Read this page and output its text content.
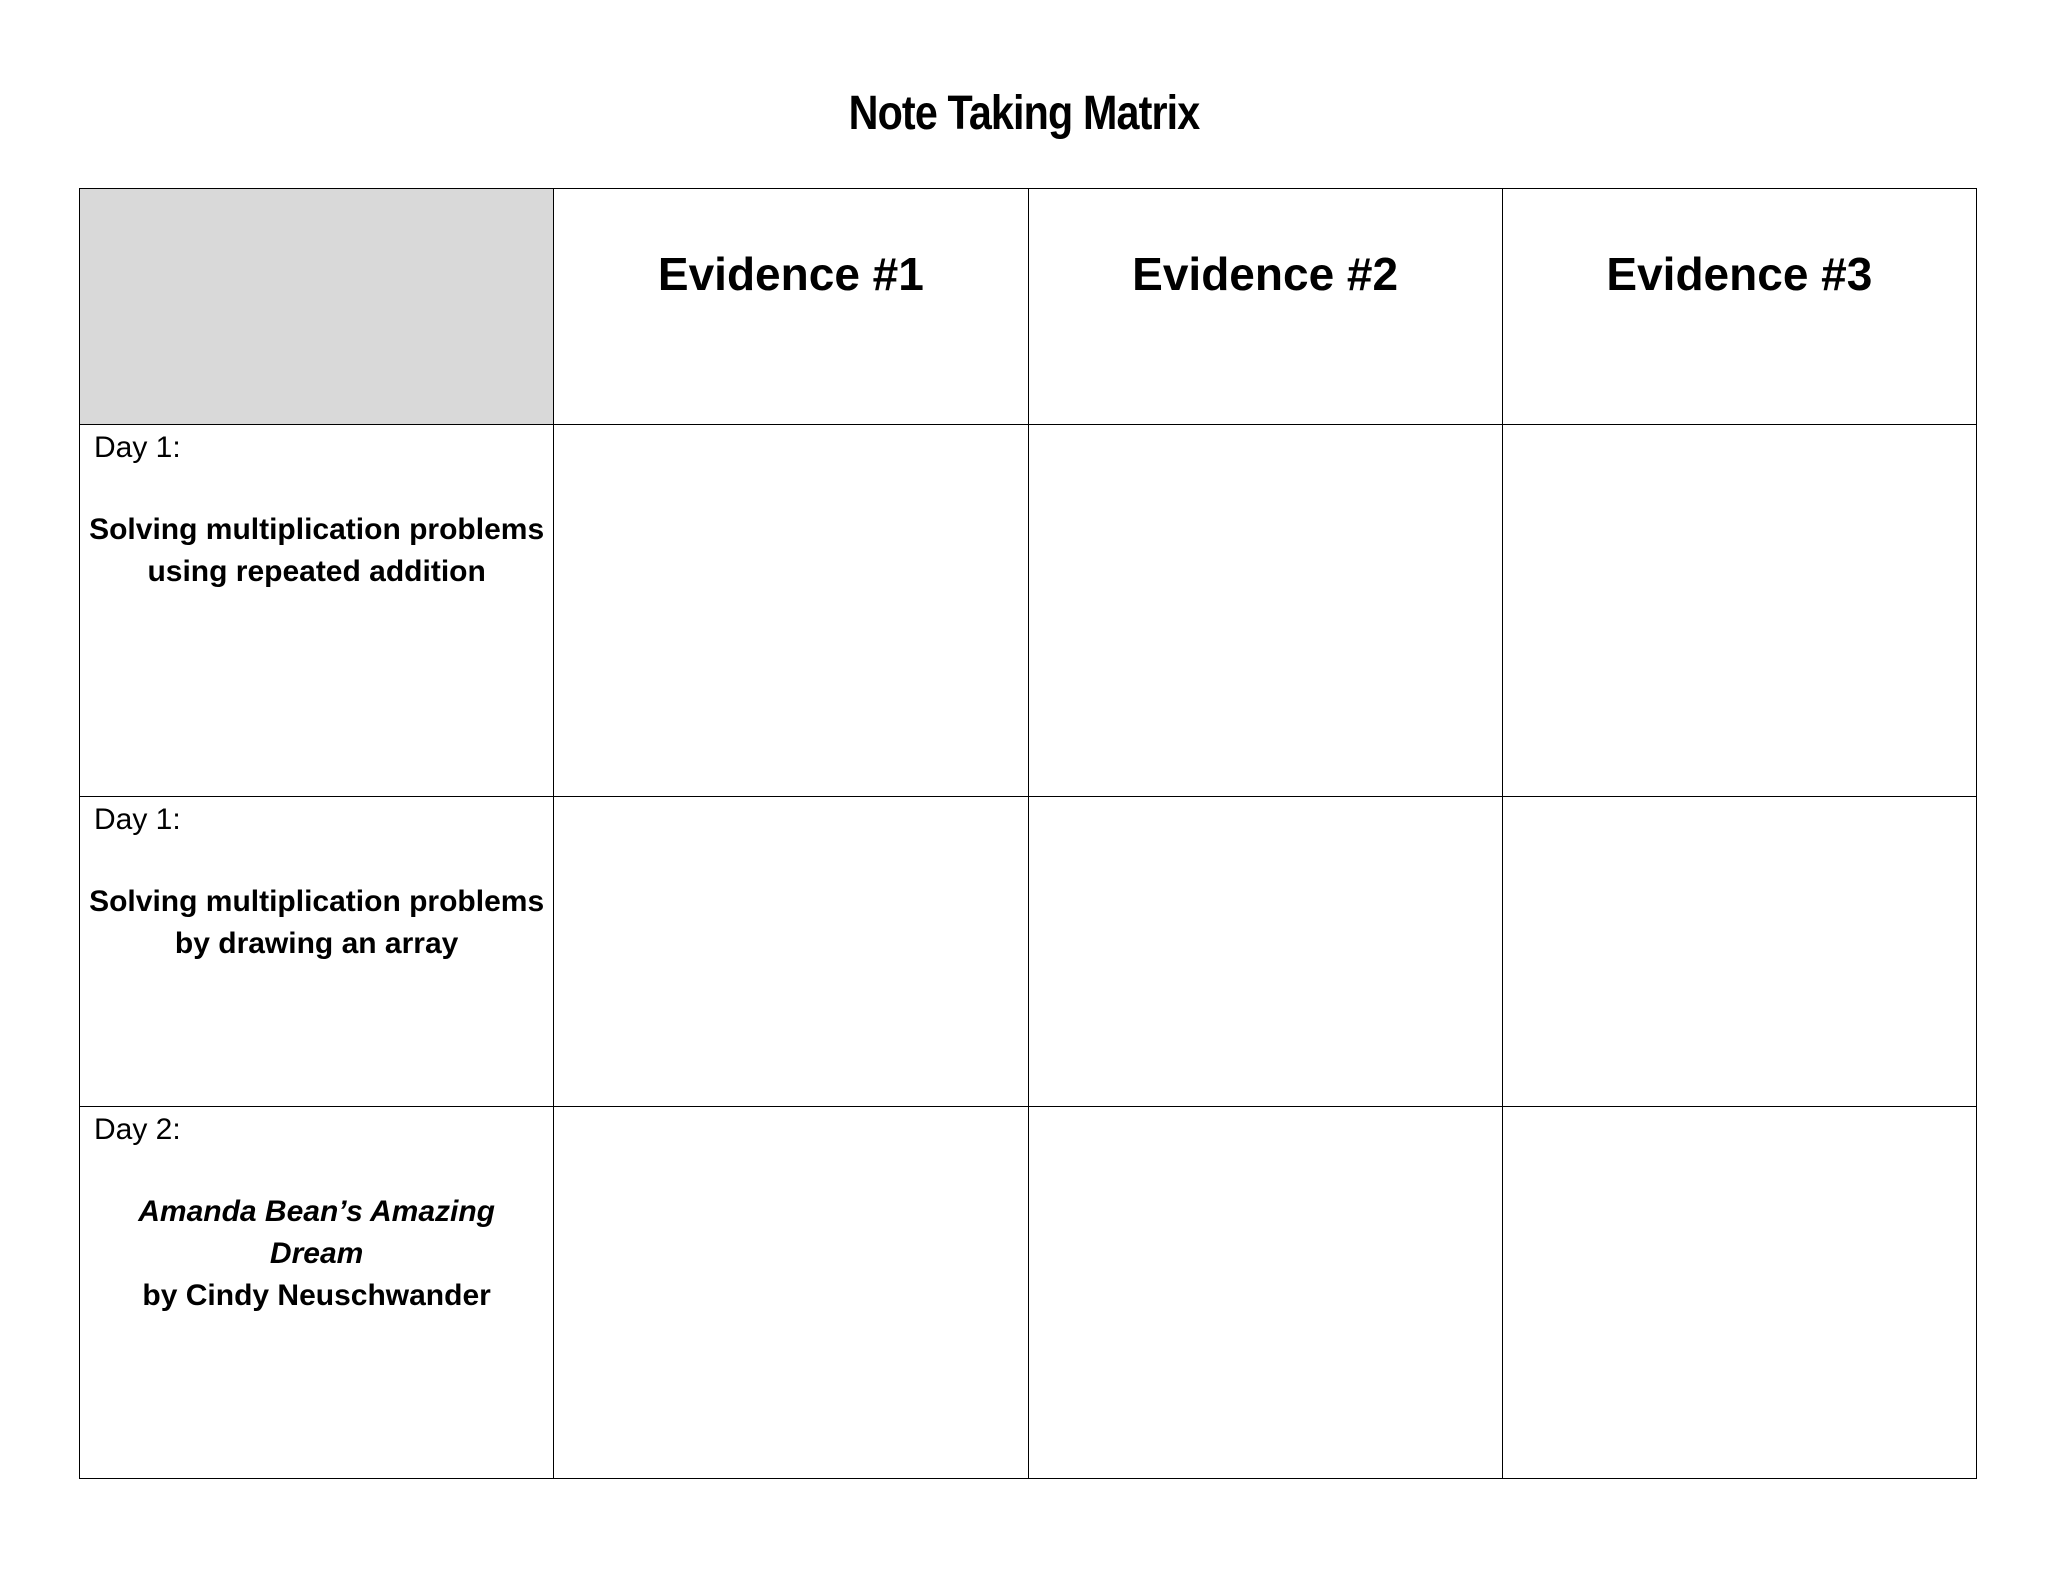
Note Taking Matrix
	Evidence #1	Evidence #2	Evidence #3

Day 1:
Solving multiplication problems using repeated addition			

Day 1:
Solving multiplication problems by drawing an array			

Day 2:
Amanda Bean’s Amazing Dream
by Cindy Neuschwander			
